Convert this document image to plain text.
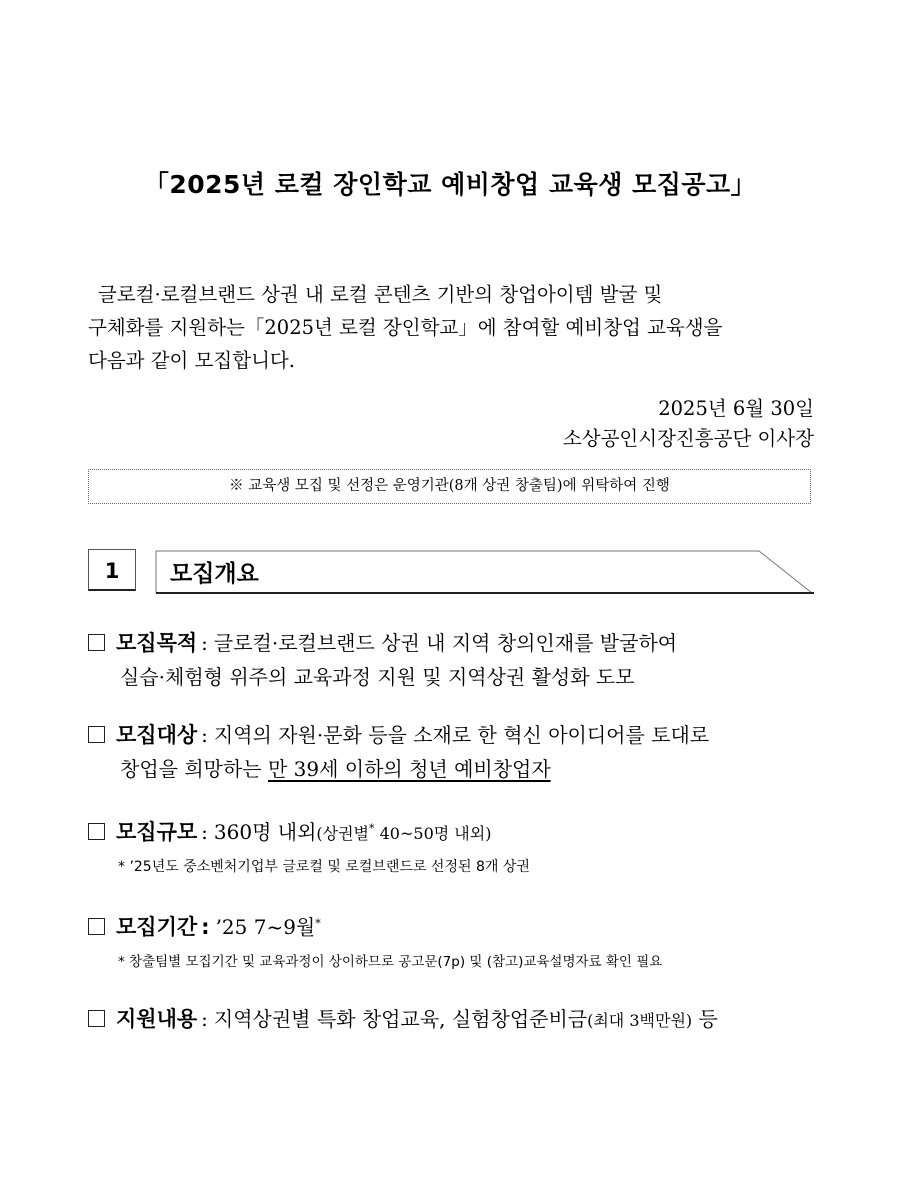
「2025년 로컬 장인학교 예비창업 교육생 모집공고」

글로컬·로컬브랜드 상권 내 로컬 콘텐츠 기반의 창업아이템 발굴 및

구체화를 지원하는「2025년 로컬 장인학교」에 참여할 예비창업 교육생을

다음과 같이 모집합니다.

2025년 6월 30일
소상공인시장진흥공단 이사장
※ 교육생 모집 및 선정은 운영기관(8개 상권 창출팀)에 위탁하여 진행
1	모집개요
모집목적 : 글로컬·로컬브랜드 상권 내 지역 창의인재를 발굴하여
실습·체험형 위주의 교육과정 지원 및 지역상권 활성화 도모
모집대상 : 지역의 자원·문화 등을 소재로 한 혁신 아이디어를 토대로
창업을 희망하는 만 39세 이하의 청년 예비창업자
모집규모 : 360명 내외(상권별* 40~50명 내외)
* ’25년도 중소벤처기업부 글로컬 및 로컬브랜드로 선정된 8개 상권
모집기간 : ’25 7~9월*
* 창출팀별 모집기간 및 교육과정이 상이하므로 공고문(7p) 및 (참고)교육설명자료 확인 필요
지원내용 : 지역상권별 특화 창업교육, 실험창업준비금(최대 3백만원) 등
